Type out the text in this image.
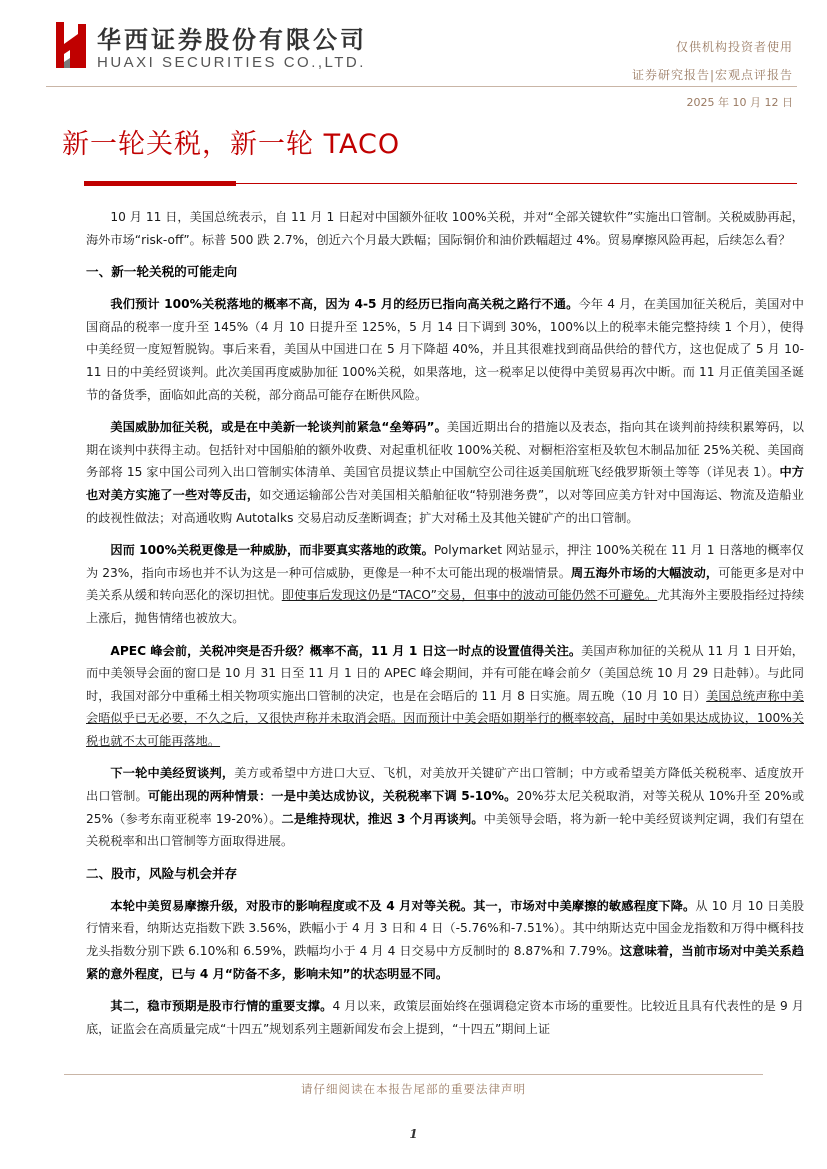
华西证券股份有限公司
HUAXI SECURITIES CO.,LTD.
仅供机构投资者使用
证券研究报告|宏观点评报告
2025 年 10 月 12 日
新一轮关税，新一轮 TACO

10 月 11 日，美国总统表示，自 11 月 1 日起对中国额外征收 100%关税，并对“全部关键软件”实施出口管制。关税威胁再起，海外市场“risk-off”。标普 500 跌 2.7%，创近六个月最大跌幅；国际铜价和油价跌幅超过 4%。贸易摩擦风险再起，后续怎么看？

一、新一轮关税的可能走向

我们预计 100%关税落地的概率不高，因为 4-5 月的经历已指向高关税之路行不通。今年 4 月，在美国加征关税后，美国对中国商品的税率一度升至 145%（4 月 10 日提升至 125%，5 月 14 日下调到 30%，100%以上的税率未能完整持续 1 个月），使得中美经贸一度短暂脱钩。事后来看，美国从中国进口在 5 月下降超 40%，并且其很难找到商品供给的替代方，这也促成了 5 月 10-11 日的中美经贸谈判。此次美国再度威胁加征 100%关税，如果落地，这一税率足以使得中美贸易再次中断。而 11 月正值美国圣诞节的备货季，面临如此高的关税，部分商品可能存在断供风险。

美国威胁加征关税，或是在中美新一轮谈判前紧急“垒筹码”。美国近期出台的措施以及表态，指向其在谈判前持续积累筹码，以期在谈判中获得主动。包括针对中国船舶的额外收费、对起重机征收 100%关税、对橱柜浴室柜及软包木制品加征 25%关税、美国商务部将 15 家中国公司列入出口管制实体清单、美国官员提议禁止中国航空公司往返美国航班飞经俄罗斯领土等等（详见表 1）。中方也对美方实施了一些对等反击，如交通运输部公告对美国相关船舶征收“特别港务费”，以对等回应美方针对中国海运、物流及造船业的歧视性做法；对高通收购 Autotalks 交易启动反垄断调查；扩大对稀土及其他关键矿产的出口管制。

因而 100%关税更像是一种威胁，而非要真实落地的政策。Polymarket 网站显示，押注 100%关税在 11 月 1 日落地的概率仅为 23%，指向市场也并不认为这是一种可信威胁，更像是一种不太可能出现的极端情景。周五海外市场的大幅波动，可能更多是对中美关系从缓和转向恶化的深切担忧。即使事后发现这仍是“TACO”交易，但事中的波动可能仍然不可避免。尤其海外主要股指经过持续上涨后，抛售情绪也被放大。

APEC 峰会前，关税冲突是否升级？概率不高，11 月 1 日这一时点的设置值得关注。美国声称加征的关税从 11 月 1 日开始，而中美领导会面的窗口是 10 月 31 日至 11 月 1 日的 APEC 峰会期间，并有可能在峰会前夕（美国总统 10 月 29 日赴韩）。与此同时，我国对部分中重稀土相关物项实施出口管制的决定，也是在会晤后的 11 月 8 日实施。周五晚（10 月 10 日）美国总统声称中美会晤似乎已无必要，不久之后，又很快声称并未取消会晤。因而预计中美会晤如期举行的概率较高，届时中美如果达成协议，100%关税也就不太可能再落地。

下一轮中美经贸谈判，美方或希望中方进口大豆、飞机，对美放开关键矿产出口管制；中方或希望美方降低关税税率、适度放开出口管制。可能出现的两种情景：一是中美达成协议，关税税率下调 5-10%。20%芬太尼关税取消，对等关税从 10%升至 20%或 25%（参考东南亚税率 19-20%）。二是维持现状，推迟 3 个月再谈判。中美领导会晤，将为新一轮中美经贸谈判定调，我们有望在关税税率和出口管制等方面取得进展。

二、股市，风险与机会并存

本轮中美贸易摩擦升级，对股市的影响程度或不及 4 月对等关税。其一，市场对中美摩擦的敏感程度下降。从 10 月 10 日美股行情来看，纳斯达克指数下跌 3.56%，跌幅小于 4 月 3 日和 4 日（-5.76%和-7.51%）。其中纳斯达克中国金龙指数和万得中概科技龙头指数分别下跌 6.10%和 6.59%，跌幅均小于 4 月 4 日交易中方反制时的 8.87%和 7.79%。这意味着，当前市场对中美关系趋紧的意外程度，已与 4 月“防备不多，影响未知”的状态明显不同。

其二，稳市预期是股市行情的重要支撑。4 月以来，政策层面始终在强调稳定资本市场的重要性。比较近且具有代表性的是 9 月底，证监会在高质量完成“十四五”规划系列主题新闻发布会上提到，“十四五”期间上证

请仔细阅读在本报告尾部的重要法律声明
1
